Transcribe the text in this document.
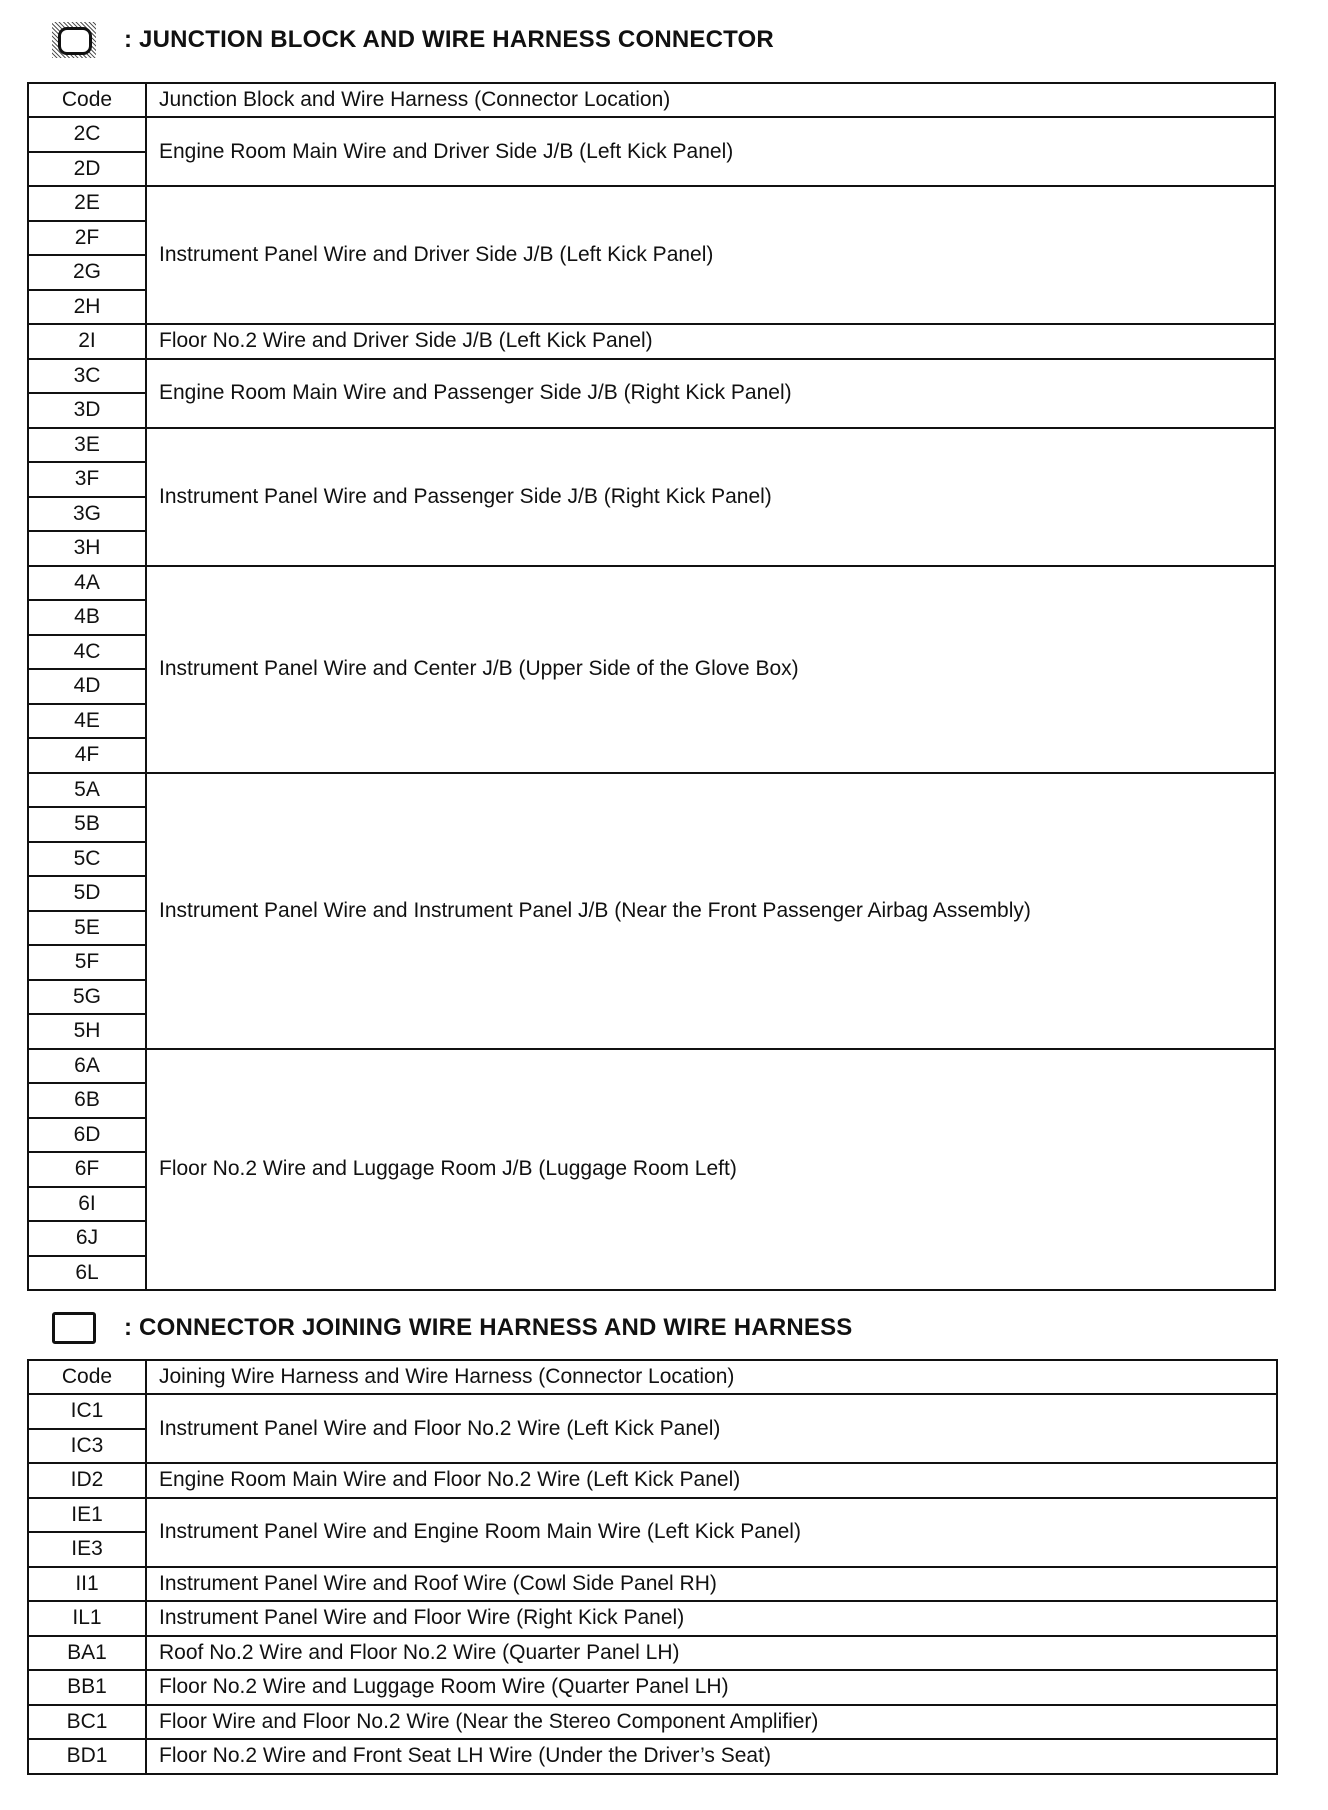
: JUNCTION BLOCK AND WIRE HARNESS CONNECTOR
Code	Junction Block and Wire Harness (Connector Location)
2C	Engine Room Main Wire and Driver Side J/B (Left Kick Panel)
2D	
2E	Instrument Panel Wire and Driver Side J/B (Left Kick Panel)
2F	
2G	
2H	
2I	Floor No.2 Wire and Driver Side J/B (Left Kick Panel)
3C	Engine Room Main Wire and Passenger Side J/B (Right Kick Panel)
3D	
3E	Instrument Panel Wire and Passenger Side J/B (Right Kick Panel)
3F	
3G	
3H	
4A	Instrument Panel Wire and Center J/B (Upper Side of the Glove Box)
4B	
4C	
4D	
4E	
4F	
5A	Instrument Panel Wire and Instrument Panel J/B (Near the Front Passenger Airbag Assembly)
5B	
5C	
5D	
5E	
5F	
5G	
5H	
6A	Floor No.2 Wire and Luggage Room J/B (Luggage Room Left)
6B	
6D	
6F	
6I	
6J	
6L	
: CONNECTOR JOINING WIRE HARNESS AND WIRE HARNESS
Code	Joining Wire Harness and Wire Harness (Connector Location)
IC1	Instrument Panel Wire and Floor No.2 Wire (Left Kick Panel)
IC3	
ID2	Engine Room Main Wire and Floor No.2 Wire (Left Kick Panel)
IE1	Instrument Panel Wire and Engine Room Main Wire (Left Kick Panel)
IE3	
II1	Instrument Panel Wire and Roof Wire (Cowl Side Panel RH)
IL1	Instrument Panel Wire and Floor Wire (Right Kick Panel)
BA1	Roof No.2 Wire and Floor No.2 Wire (Quarter Panel LH)
BB1	Floor No.2 Wire and Luggage Room Wire (Quarter Panel LH)
BC1	Floor Wire and Floor No.2 Wire (Near the Stereo Component Amplifier)
BD1	Floor No.2 Wire and Front Seat LH Wire (Under the Driver’s Seat)
